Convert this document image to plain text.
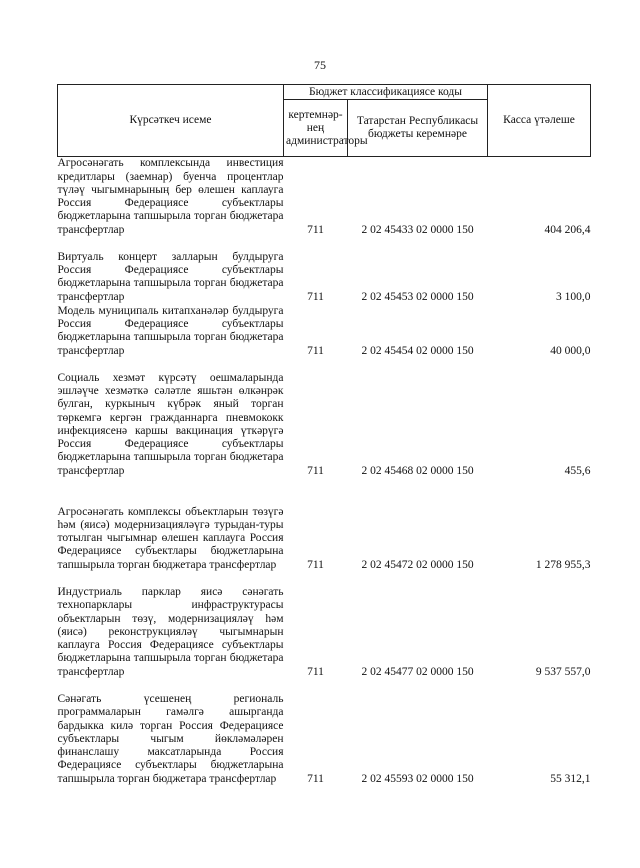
75
Күрсәткеч исеме	Бюджет классификациясе коды		Касса үтәлеше
	кертемнәр-нең администраторы	Татарстан Республикасы бюджеты керемнәре	
Агросәнәгать комплексында инвестиция кредитлары (заемнар) буенча процентлар түләү чыгымнарының бер өлешен каплауга Россия Федерациясе субъектлары бюджетларына тапшырыла торган бюджетара трансфертлар	711	2 02 45433 02 0000 150	404 206,4
Виртуаль концерт залларын булдыруга Россия Федерациясе субъектлары бюджетларына тапшырыла торган бюджетара трансфертлар	711	2 02 45453 02 0000 150	3 100,0
Модель муниципаль китапханәләр булдыруга Россия Федерациясе субъектлары бюджетларына тапшырыла торган бюджетара трансфертлар	711	2 02 45454 02 0000 150	40 000,0
Социаль хезмәт күрсәтү оешмаларында эшләүче хезмәткә сәләтле яшьтән өлкәнрәк булган, куркыныч күбрәк яный торган төркемгә кергән гражданнарга пневмококк инфекциясенә каршы вакцинация үткәрүгә Россия Федерациясе субъектлары бюджетларына тапшырыла торган бюджетара трансфертлар	711	2 02 45468 02 0000 150	455,6
Агросәнәгать комплексы объектларын төзүгә һәм (яисә) модернизацияләүгә турыдан-туры тотылган чыгымнар өлешен каплауга Россия Федерациясе субъектлары бюджетларына тапшырыла торган бюджетара трансфертлар	711	2 02 45472 02 0000 150	1 278 955,3
Индустриаль парклар яисә сәнәгать технопарклары инфраструктурасы объектларын төзү, модернизацияләү һәм (яисә) реконструкцияләү чыгымнарын каплауга Россия Федерациясе субъектлары бюджетларына тапшырыла торган бюджетара трансфертлар	711	2 02 45477 02 0000 150	9 537 557,0
Сәнәгать үсешенең региональ программаларын гамәлгә ашырганда бардыкка килә торган Россия Федерациясе субъектлары чыгым йөкләмәләрен финанслашу максатларында Россия Федерациясе субъектлары бюджетларына тапшырыла торган бюджетара трансфертлар	711	2 02 45593 02 0000 150	55 312,1
